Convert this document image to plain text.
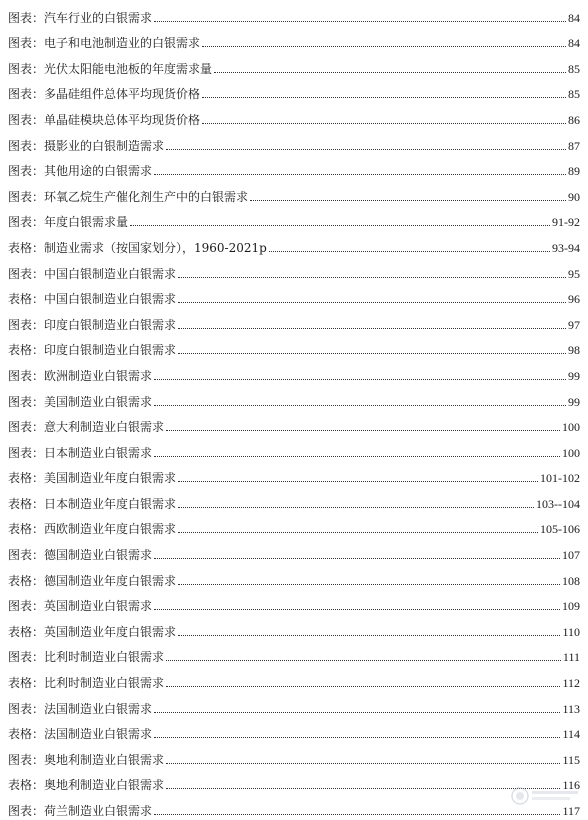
图表：汽车行业的白银需求	84
图表：电子和电池制造业的白银需求	84
图表：光伏太阳能电池板的年度需求量	85
图表：多晶硅组件总体平均现货价格	85
图表：单晶硅模块总体平均现货价格	86
图表：摄影业的白银制造需求	87
图表：其他用途的白银需求	89
图表：环氧乙烷生产催化剂生产中的白银需求	90
图表：年度白银需求量	91-92
表格：制造业需求（按国家划分），1960-2021p	93-94
图表：中国白银制造业白银需求	95
表格：中国白银制造业白银需求	96
图表：印度白银制造业白银需求	97
表格：印度白银制造业白银需求	98
图表：欧洲制造业白银需求	99
图表：美国制造业白银需求	99
图表：意大利制造业白银需求	100
图表：日本制造业白银需求	100
表格：美国制造业年度白银需求	101-102
表格：日本制造业年度白银需求	103--104
表格：西欧制造业年度白银需求	105-106
图表：德国制造业白银需求	107
表格：德国制造业年度白银需求	108
图表：英国制造业白银需求	109
表格：英国制造业年度白银需求	110
图表：比利时制造业白银需求	111
表格：比利时制造业白银需求	112
图表：法国制造业白银需求	113
表格：法国制造业白银需求	114
图表：奥地利制造业白银需求	115
表格：奥地利制造业白银需求	116
图表：荷兰制造业白银需求	117
